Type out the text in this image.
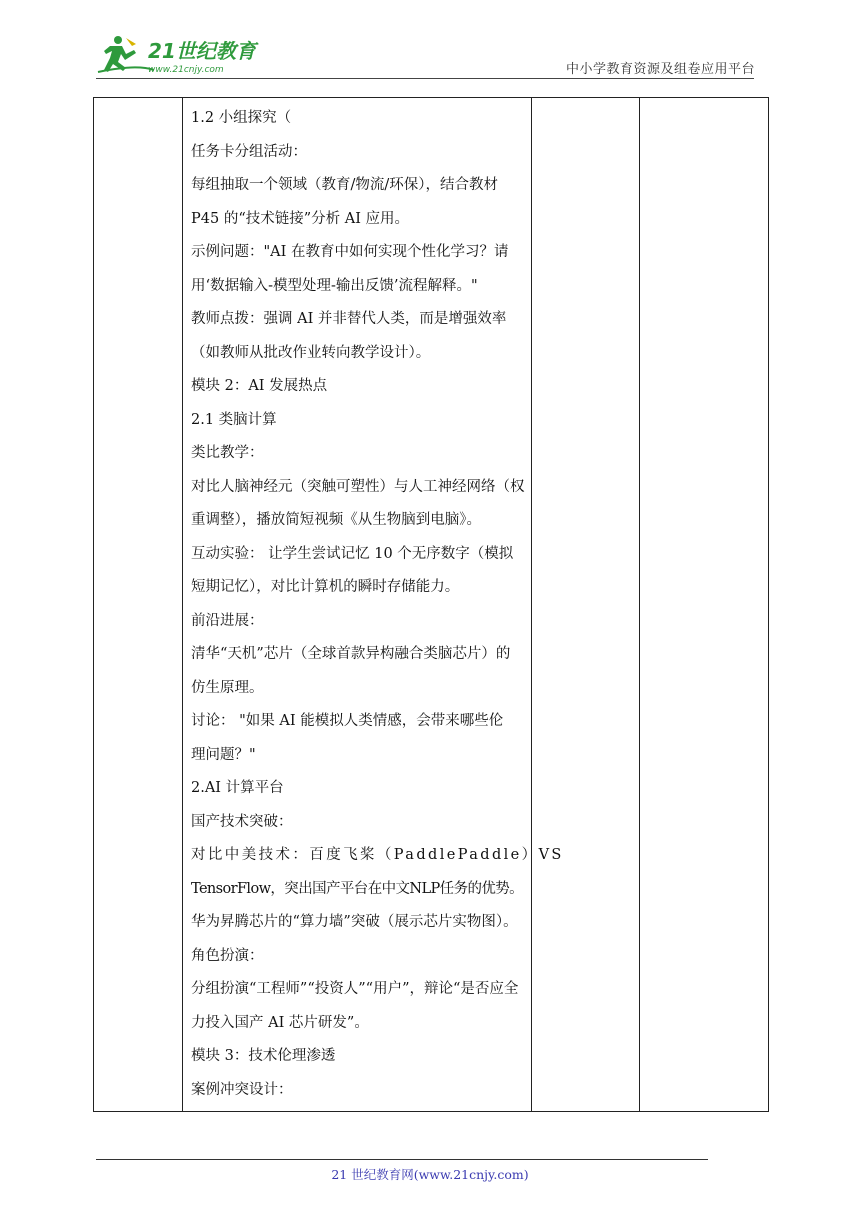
21世纪教育
www.21cnjy.com	中小学教育资源及组卷应用平台

1.2 小组探究（
任务卡分组活动：
每组抽取一个领域（教育/物流/环保），结合教材
P45 的“技术链接”分析 AI 应用。
示例问题："AI 在教育中如何实现个性化学习？请
用‘数据输入-模型处理-输出反馈’流程解释。"
教师点拨：强调 AI 并非替代人类，而是增强效率
（如教师从批改作业转向教学设计）。
模块 2：AI 发展热点
2.1 类脑计算
类比教学：
对比人脑神经元（突触可塑性）与人工神经网络（权
重调整），播放简短视频《从生物脑到电脑》。
互动实验： 让学生尝试记忆 10 个无序数字（模拟
短期记忆），对比计算机的瞬时存储能力。
前沿进展：
清华“天机”芯片（全球首款异构融合类脑芯片）的
仿生原理。
讨论： "如果 AI 能模拟人类情感，会带来哪些伦
理问题？"
2.AI 计算平台
国产技术突破：
对比中美技术：百度飞桨（PaddlePaddle）VS
TensorFlow，突出国产平台在中文NLP任务的优势。
华为昇腾芯片的“算力墙”突破（展示芯片实物图）。
角色扮演：
分组扮演“工程师”“投资人”“用户”，辩论“是否应全
力投入国产 AI 芯片研发”。
模块 3：技术伦理渗透
案例冲突设计：

21 世纪教育网(www.21cnjy.com)
